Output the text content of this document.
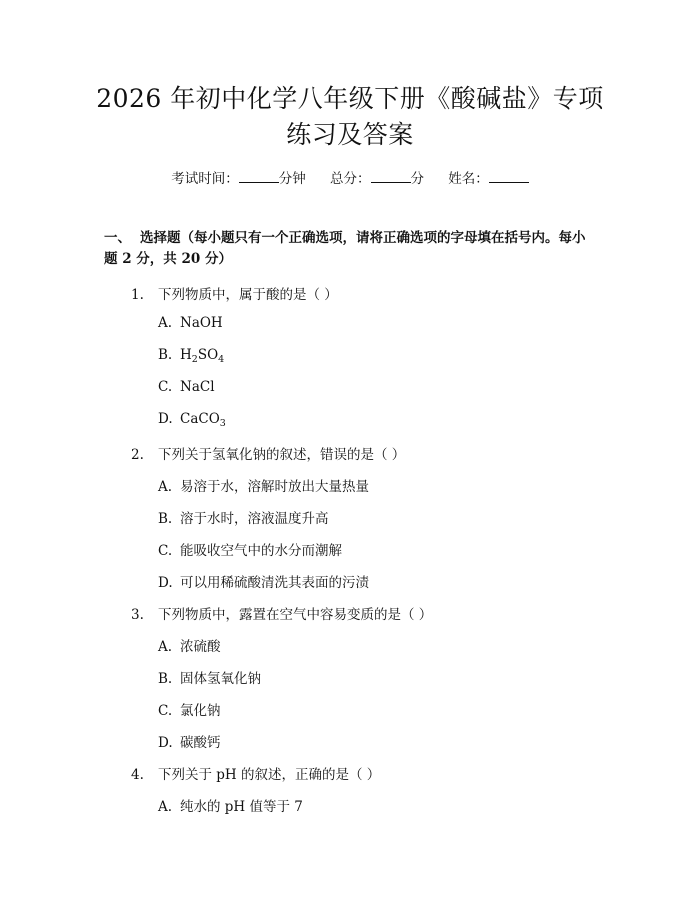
2026 年初中化学八年级下册《酸碱盐》专项
练习及答案
考试时间：	分钟 总分：	分 姓名：
一、 选择题（每小题只有一个正确选项，请将正确选项的字母填在括号内。每小
题 2 分，共 20 分）
1. 下列物质中，属于酸的是（ ）
A. NaOH
B. $H_2SO_4$
C. NaCl
D. CaCO$_3$
2. 下列关于氢氧化钠的叙述，错误的是（ ）
A. 易溶于水，溶解时放出大量热量
B. 溶于水时，溶液温度升高
C. 能吸收空气中的水分而潮解
D. 可以用稀硫酸清洗其表面的污渍
3. 下列物质中，露置在空气中容易变质的是（ ）
A. 浓硫酸
B. 固体氢氧化钠
C. 氯化钠
D. 碳酸钙
4. 下列关于 pH 的叙述，正确的是（ ）
A. 纯水的 pH 值等于 7
